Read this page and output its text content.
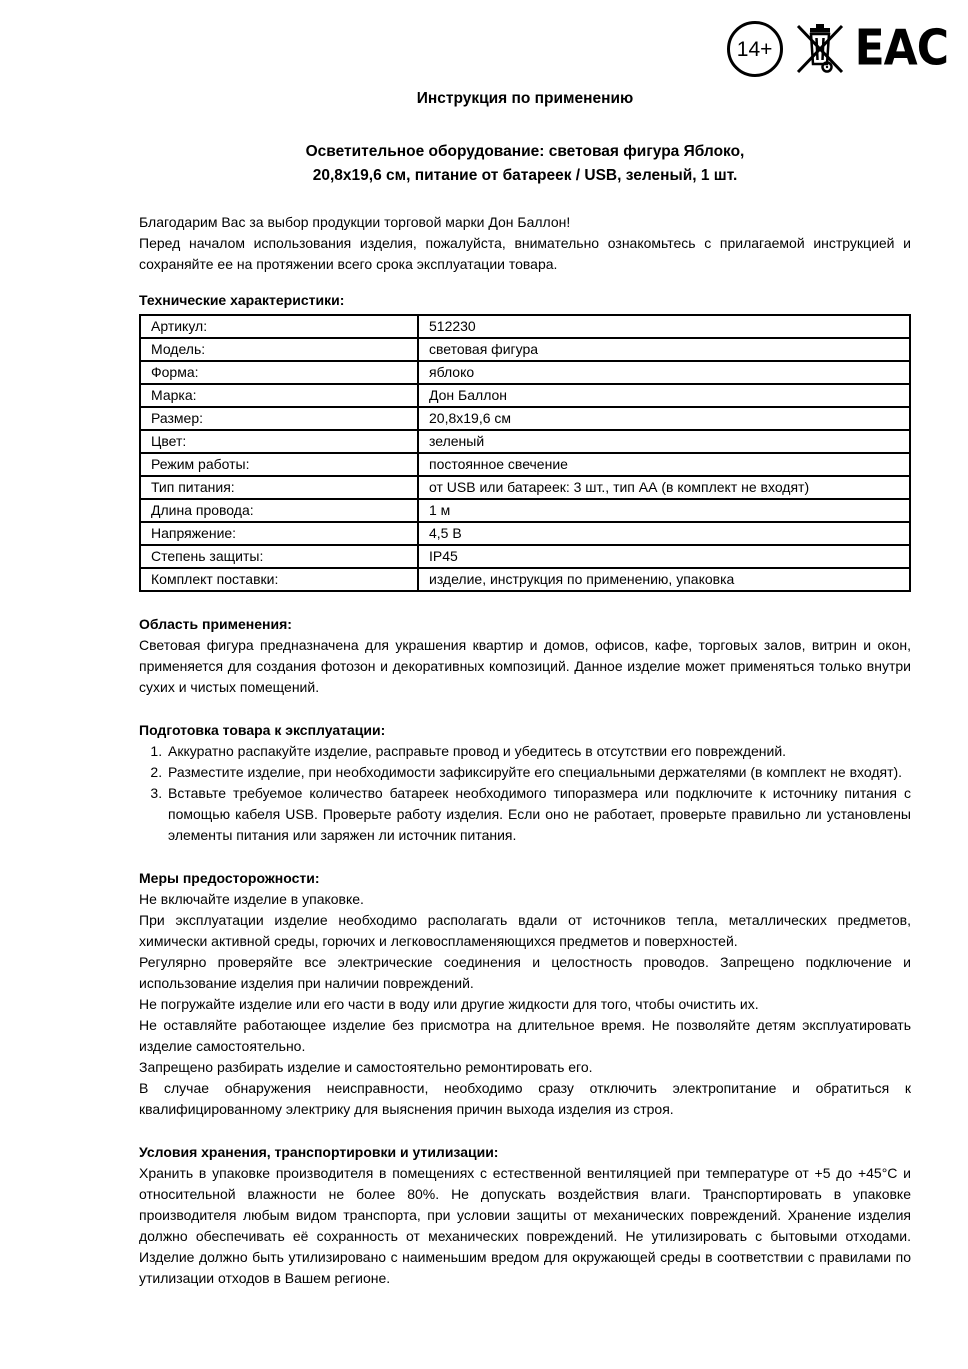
14+ EAC
Инструкция по применению
Осветительное оборудование: световая фигура Яблоко,
20,8х19,6 см, питание от батареек / USB, зеленый, 1 шт.

Благодарим Вас за выбор продукции торговой марки Дон Баллон!

Перед началом использования изделия, пожалуйста, внимательно ознакомьтесь с прилагаемой инструкцией и сохраняйте ее на протяжении всего срока эксплуатации товара.

Технические характеристики:
Артикул:	512230
Модель:	световая фигура
Форма:	яблоко
Марка:	Дон Баллон
Размер:	20,8х19,6 см
Цвет:	зеленый
Режим работы:	постоянное свечение
Тип питания:	от USB или батареек: 3 шт., тип АА (в комплект не входят)
Длина провода:	1 м
Напряжение:	4,5 В
Степень защиты:	IP45
Комплект поставки:	изделие, инструкция по применению, упаковка
Область применения:

Световая фигура предназначена для украшения квартир и домов, офисов, кафе, торговых залов, витрин и окон, применяется для создания фотозон и декоративных композиций. Данное изделие может применяться только внутри сухих и чистых помещений.

Подготовка товара к эксплуатации:
1. Аккуратно распакуйте изделие, расправьте провод и убедитесь в отсутствии его повреждений.
2. Разместите изделие, при необходимости зафиксируйте его специальными держателями (в комплект не входят).
3. Вставьте требуемое количество батареек необходимого типоразмера или подключите к источнику питания с помощью кабеля USB. Проверьте работу изделия. Если оно не работает, проверьте правильно ли установлены элементы питания или заряжен ли источник питания.
Меры предосторожности:

Не включайте изделие в упаковке.

При эксплуатации изделие необходимо располагать вдали от источников тепла, металлических предметов, химически активной среды, горючих и легковоспламеняющихся предметов и поверхностей.

Регулярно проверяйте все электрические соединения и целостность проводов. Запрещено подключение и использование изделия при наличии повреждений.

Не погружайте изделие или его части в воду или другие жидкости для того, чтобы очистить их.

Не оставляйте работающее изделие без присмотра на длительное время. Не позволяйте детям эксплуатировать изделие самостоятельно.

Запрещено разбирать изделие и самостоятельно ремонтировать его.

В случае обнаружения неисправности, необходимо сразу отключить электропитание и обратиться к квалифицированному электрику для выяснения причин выхода изделия из строя.

Условия хранения, транспортировки и утилизации:

Хранить в упаковке производителя в помещениях с естественной вентиляцией при температуре от +5 до +45°С и относительной влажности не более 80%. Не допускать воздействия влаги. Транспортировать в упаковке производителя любым видом транспорта, при условии защиты от механических повреждений. Хранение изделия должно обеспечивать её сохранность от механических повреждений. Не утилизировать с бытовыми отходами. Изделие должно быть утилизировано с наименьшим вредом для окружающей среды в соответствии с правилами по утилизации отходов в Вашем регионе.
